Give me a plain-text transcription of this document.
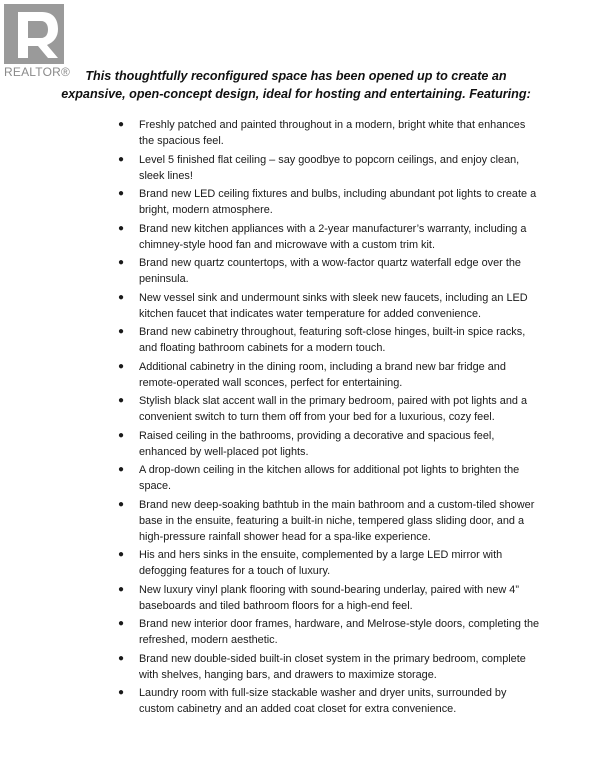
REALTOR®	This thoughtfully reconfigured space has been opened up to create an expansive, open-concept design, ideal for hosting and entertaining. Featuring:

● Freshly patched and painted throughout in a modern, bright white that enhances the spacious feel.
● Level 5 finished flat ceiling – say goodbye to popcorn ceilings, and enjoy clean, sleek lines!
● Brand new LED ceiling fixtures and bulbs, including abundant pot lights to create a bright, modern atmosphere.
● Brand new kitchen appliances with a 2-year manufacturer’s warranty, including a chimney-style hood fan and microwave with a custom trim kit.
● Brand new quartz countertops, with a wow-factor quartz waterfall edge over the peninsula.
● New vessel sink and undermount sinks with sleek new faucets, including an LED kitchen faucet that indicates water temperature for added convenience.
● Brand new cabinetry throughout, featuring soft-close hinges, built-in spice racks, and floating bathroom cabinets for a modern touch.
● Additional cabinetry in the dining room, including a brand new bar fridge and remote-operated wall sconces, perfect for entertaining.
● Stylish black slat accent wall in the primary bedroom, paired with pot lights and a convenient switch to turn them off from your bed for a luxurious, cozy feel.
● Raised ceiling in the bathrooms, providing a decorative and spacious feel, enhanced by well-placed pot lights.
● A drop-down ceiling in the kitchen allows for additional pot lights to brighten the space.
● Brand new deep-soaking bathtub in the main bathroom and a custom-tiled shower base in the ensuite, featuring a built-in niche, tempered glass sliding door, and a high-pressure rainfall shower head for a spa-like experience.
● His and hers sinks in the ensuite, complemented by a large LED mirror with defogging features for a touch of luxury.
● New luxury vinyl plank flooring with sound-bearing underlay, paired with new 4” baseboards and tiled bathroom floors for a high-end feel.
● Brand new interior door frames, hardware, and Melrose-style doors, completing the refreshed, modern aesthetic.
● Brand new double-sided built-in closet system in the primary bedroom, complete with shelves, hanging bars, and drawers to maximize storage.
● Laundry room with full-size stackable washer and dryer units, surrounded by custom cabinetry and an added coat closet for extra convenience.
